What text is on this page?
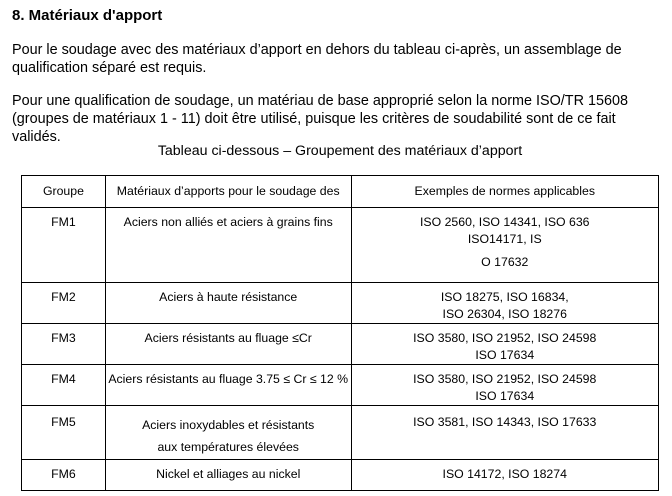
8. Matériaux d'apport

Pour le soudage avec des matériaux d’apport en dehors du tableau ci-après, un assemblage de qualification séparé est requis.

Pour une qualification de soudage, un matériau de base approprié selon la norme ISO/TR 15608 (groupes de matériaux 1 - 11) doit être utilisé, puisque les critères de soudabilité sont de ce fait validés.

Tableau ci-dessous – Groupement des matériaux d’apport

Groupe	Matériaux d’apports pour le soudage des	Exemples de normes applicables
FM1	Aciers non alliés et aciers à grains fins	ISO 2560, ISO 14341, ISO 636
ISO14171, IS
O 17632

FM2	Aciers à haute résistance	ISO 18275, ISO 16834,
ISO 26304, ISO 18276

FM3	Aciers résistants au fluage ≤Cr	ISO 3580, ISO 21952, ISO 24598
ISO 17634

FM4	Aciers résistants au fluage 3.75 ≤ Cr ≤ 12 %	ISO 3580, ISO 21952, ISO 24598
ISO 17634

FM5	Aciers inoxydables et résistants
aux températures élevées	ISO 3581, ISO 14343, ISO 17633

FM6	Nickel et alliages au nickel	ISO 14172, ISO 18274
